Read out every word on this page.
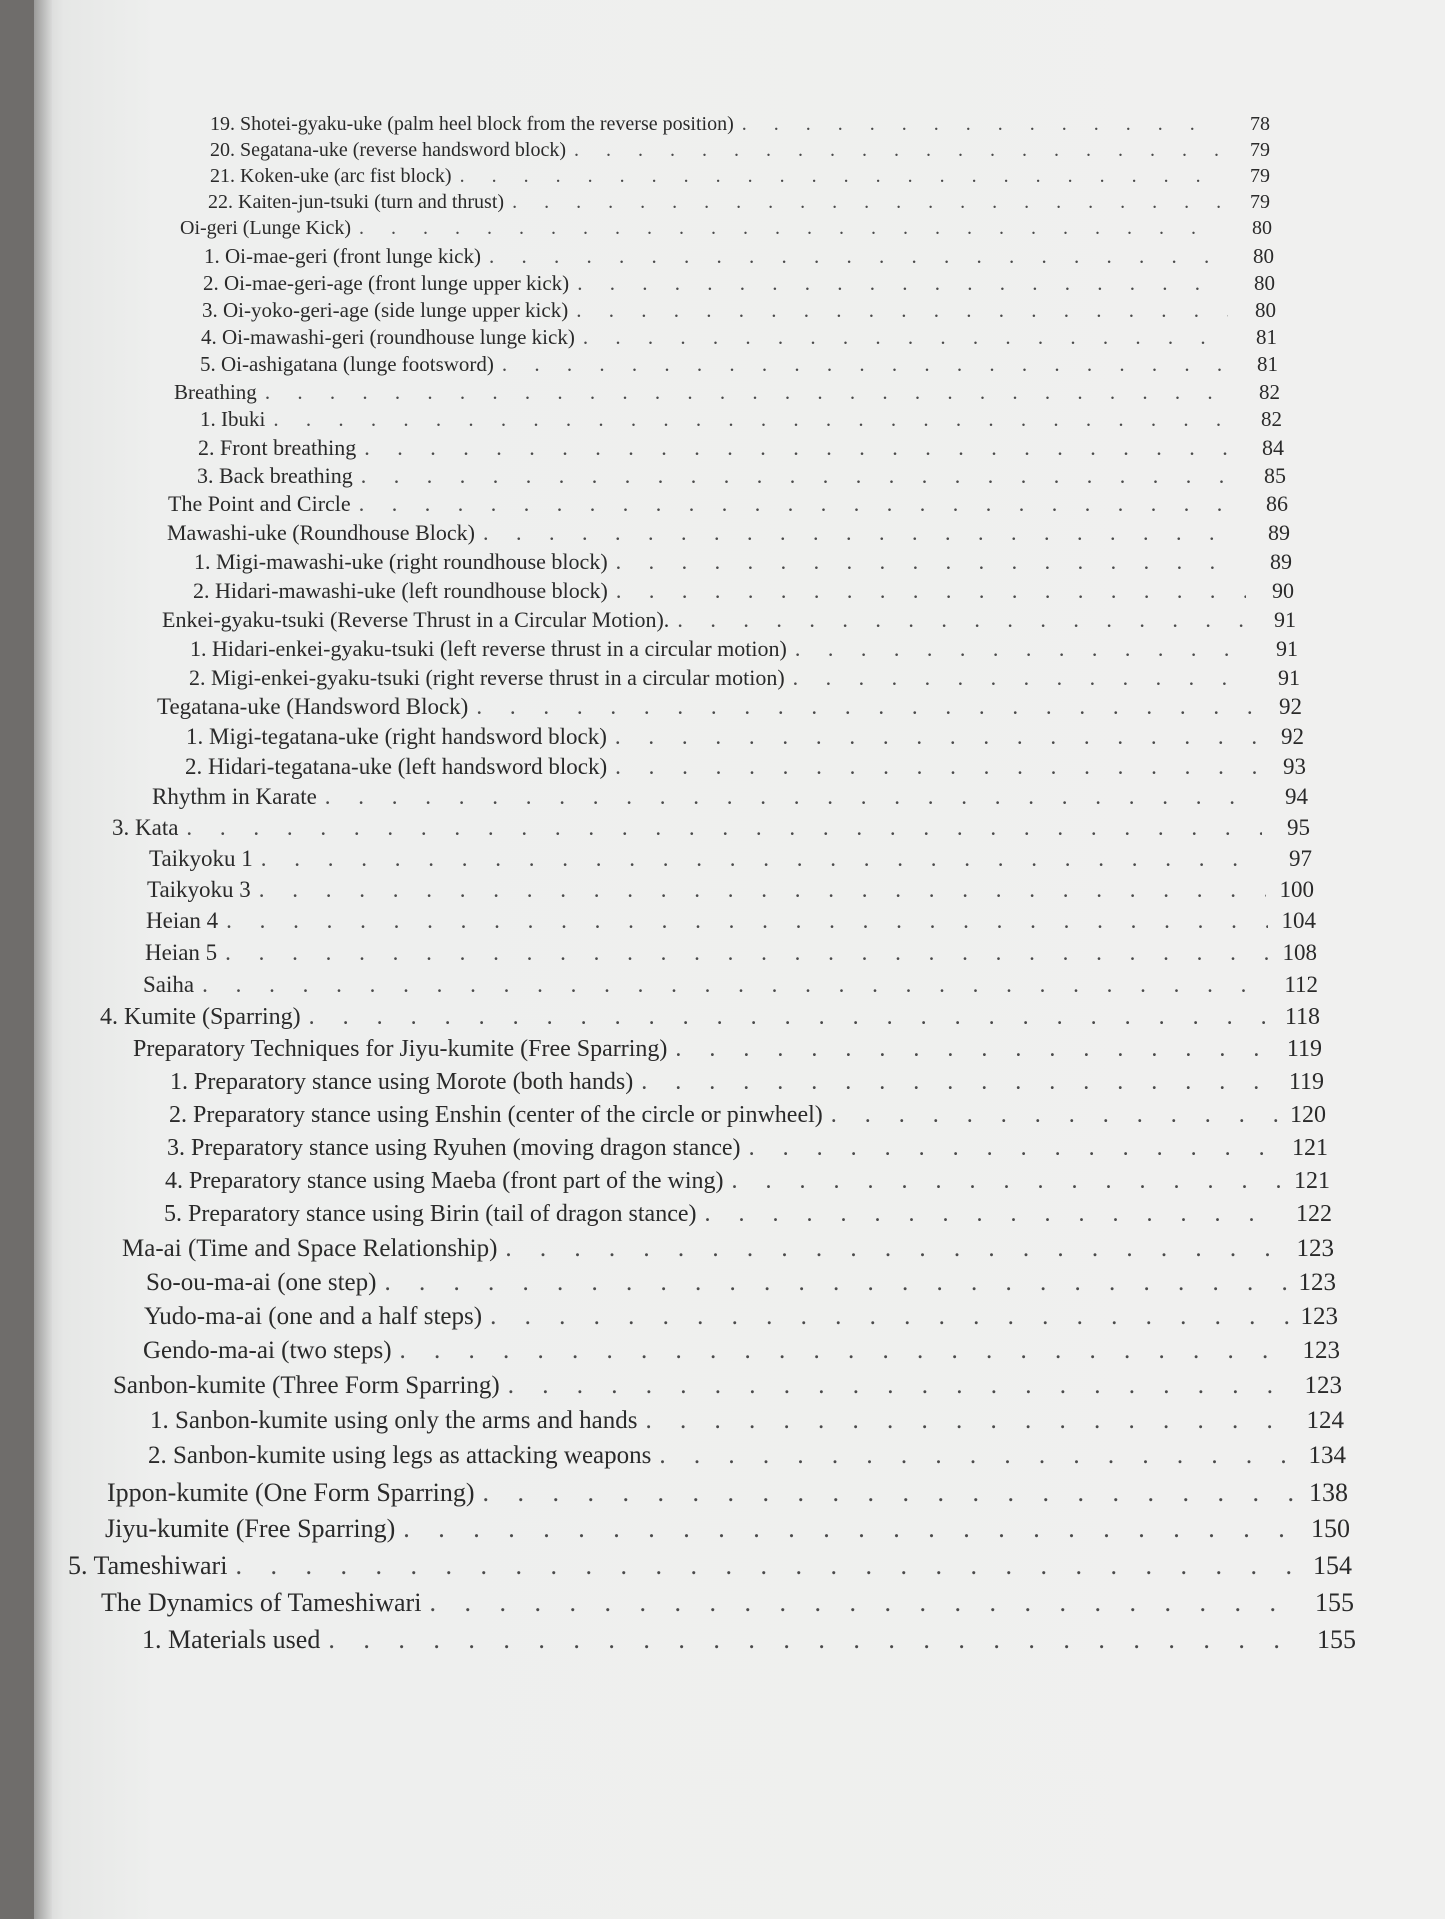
19. Shotei-gyaku-uke (palm heel block from the reverse position) . . .	78
20. Segatana-uke (reverse handsword block) . . .	79
21. Koken-uke (arc fist block) . . .	79
22. Kaiten-jun-tsuki (turn and thrust) . . .	79
Oi-geri (Lunge Kick) . . .	80
1. Oi-mae-geri (front lunge kick) . . .	80
2. Oi-mae-geri-age (front lunge upper kick) . . .	80
3. Oi-yoko-geri-age (side lunge upper kick) . . .	80
4. Oi-mawashi-geri (roundhouse lunge kick) . . .	81
5. Oi-ashigatana (lunge footsword) . . .	81
Breathing . . .	82
1. Ibuki . . .	82
2. Front breathing . . .	84
3. Back breathing . . .	85
The Point and Circle . . .	86
Mawashi-uke (Roundhouse Block) . . .	89
1. Migi-mawashi-uke (right roundhouse block) . . .	89
2. Hidari-mawashi-uke (left roundhouse block) . . .	90
Enkei-gyaku-tsuki (Reverse Thrust in a Circular Motion). . . .	91
1. Hidari-enkei-gyaku-tsuki (left reverse thrust in a circular motion) . . .	91
2. Migi-enkei-gyaku-tsuki (right reverse thrust in a circular motion) . . .	91
Tegatana-uke (Handsword Block) . . .	92
1. Migi-tegatana-uke (right handsword block) . . .	92
2. Hidari-tegatana-uke (left handsword block) . . .	93
Rhythm in Karate . . .	94
3. Kata . . .	95
Taikyoku 1 . . .	97
Taikyoku 3 . . .	100
Heian 4 . . .	104
Heian 5 . . .	108
Saiha . . .	112
4. Kumite (Sparring) . . .	118
Preparatory Techniques for Jiyu-kumite (Free Sparring) . . .	119
1. Preparatory stance using Morote (both hands) . . .	119
2. Preparatory stance using Enshin (center of the circle or pinwheel) . . .	120
3. Preparatory stance using Ryuhen (moving dragon stance) . . .	121
4. Preparatory stance using Maeba (front part of the wing) . . .	121
5. Preparatory stance using Birin (tail of dragon stance) . . .	122
Ma-ai (Time and Space Relationship) . . .	123
So-ou-ma-ai (one step) . . .	123
Yudo-ma-ai (one and a half steps) . . .	123
Gendo-ma-ai (two steps) . . .	123
Sanbon-kumite (Three Form Sparring) . . .	123
1. Sanbon-kumite using only the arms and hands . . .	124
2. Sanbon-kumite using legs as attacking weapons . . .	134
Ippon-kumite (One Form Sparring) . . .	138
Jiyu-kumite (Free Sparring) . . .	150
5. Tameshiwari . . .	154
The Dynamics of Tameshiwari . . .	155
1. Materials used . . .	155
